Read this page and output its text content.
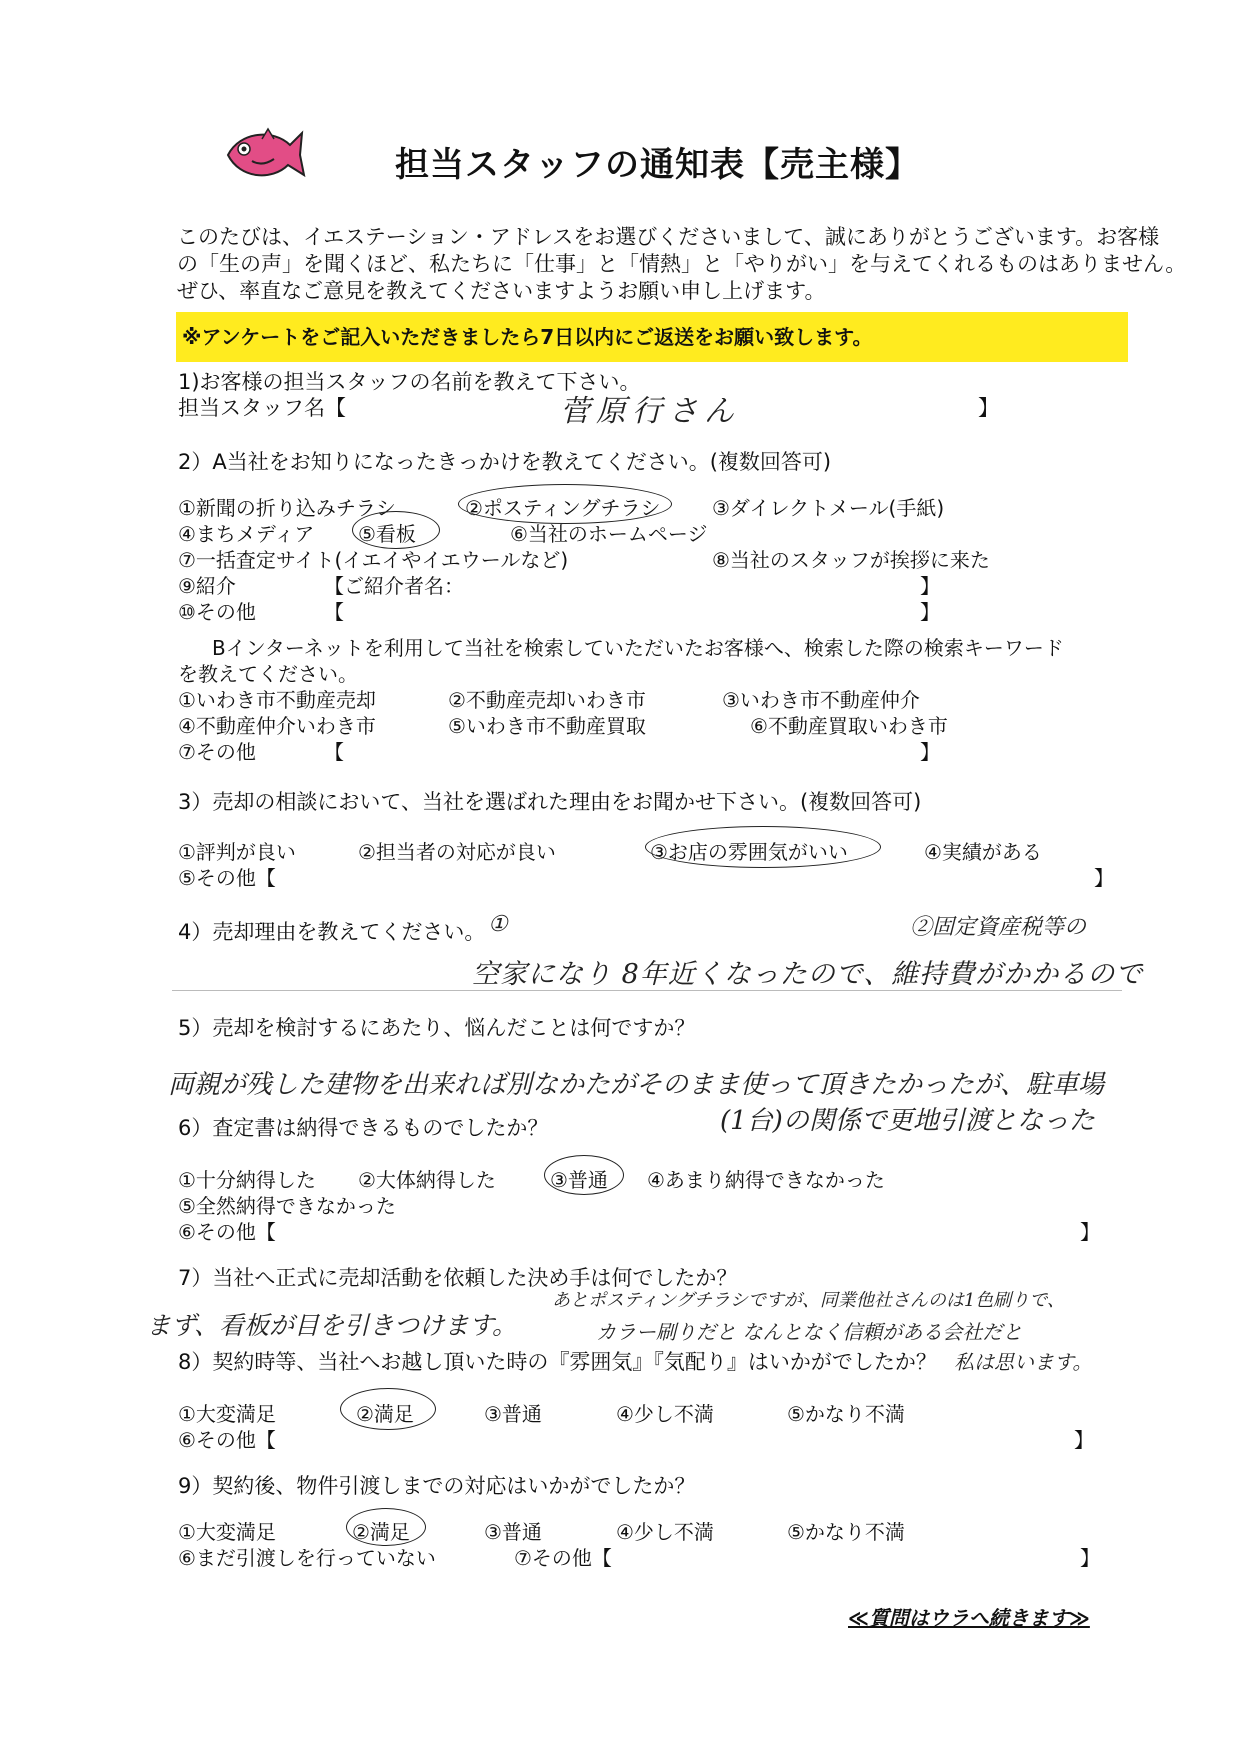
担当スタッフの通知表【売主様】
このたびは、イエステーション・アドレスをお選びくださいまして、誠にありがとうございます。お客様
の「生の声」を聞くほど、私たちに「仕事」と「情熱」と「やりがい」を与えてくれるものはありません。
ぜひ、率直なご意見を教えてくださいますようお願い申し上げます。
※アンケートをご記入いただきましたら7日以内にご返送をお願い致します。
1)お客様の担当スタッフの名前を教えて下さい。
担当スタッフ名【	菅原行さん	】
2）A当社をお知りになったきっかけを教えてください。(複数回答可)
①新聞の折り込みチラシ	②ポスティングチラシ	③ダイレクトメール(手紙)
④まちメディア ⑤看板	⑥当社のホームページ
⑦一括査定サイト(イエイやイエウールなど)	⑧当社のスタッフが挨拶に来た
⑨紹介	【ご紹介者名：	】
⑩その他	【	】
Bインターネットを利用して当社を検索していただいたお客様へ、検索した際の検索キーワード
を教えてください。
①いわき市不動産売却	②不動産売却いわき市	③いわき市不動産仲介
④不動産仲介いわき市	⑤いわき市不動産買取	⑥不動産買取いわき市
⑦その他	【	】
3）売却の相談において、当社を選ばれた理由をお聞かせ下さい。(複数回答可)
①評判が良い	②担当者の対応が良い	③お店の雰囲気がいい	④実績がある
⑤その他【	】
4）売却理由を教えてください。 ①	②固定資産税等の
空家になり 8年近くなったので、維持費がかかるので
5）売却を検討するにあたり、悩んだことは何ですか？
両親が残した建物を出来れば別なかたがそのまま使って頂きたかったが、駐車場
(1台)の関係で更地引渡となった
6）査定書は納得できるものでしたか？
①十分納得した ②大体納得した	③普通 ④あまり納得できなかった
⑤全然納得できなかった
⑥その他【	】
7）当社へ正式に売却活動を依頼した決め手は何でしたか？
まず、看板が目を引きつけます。
あとポスティングチラシですが、同業他社さんのは1色刷りで、
カラー刷りだと なんとなく信頼がある会社だと
私は思います。
8）契約時等、当社へお越し頂いた時の『雰囲気』『気配り』はいかがでしたか？
①大変満足	②満足	③普通	④少し不満	⑤かなり不満
⑥その他【	】
9）契約後、物件引渡しまでの対応はいかがでしたか？
①大変満足	②満足	③普通	④少し不満	⑤かなり不満
⑥まだ引渡しを行っていない	⑦その他【	】
≪質問はウラへ続きます≫
